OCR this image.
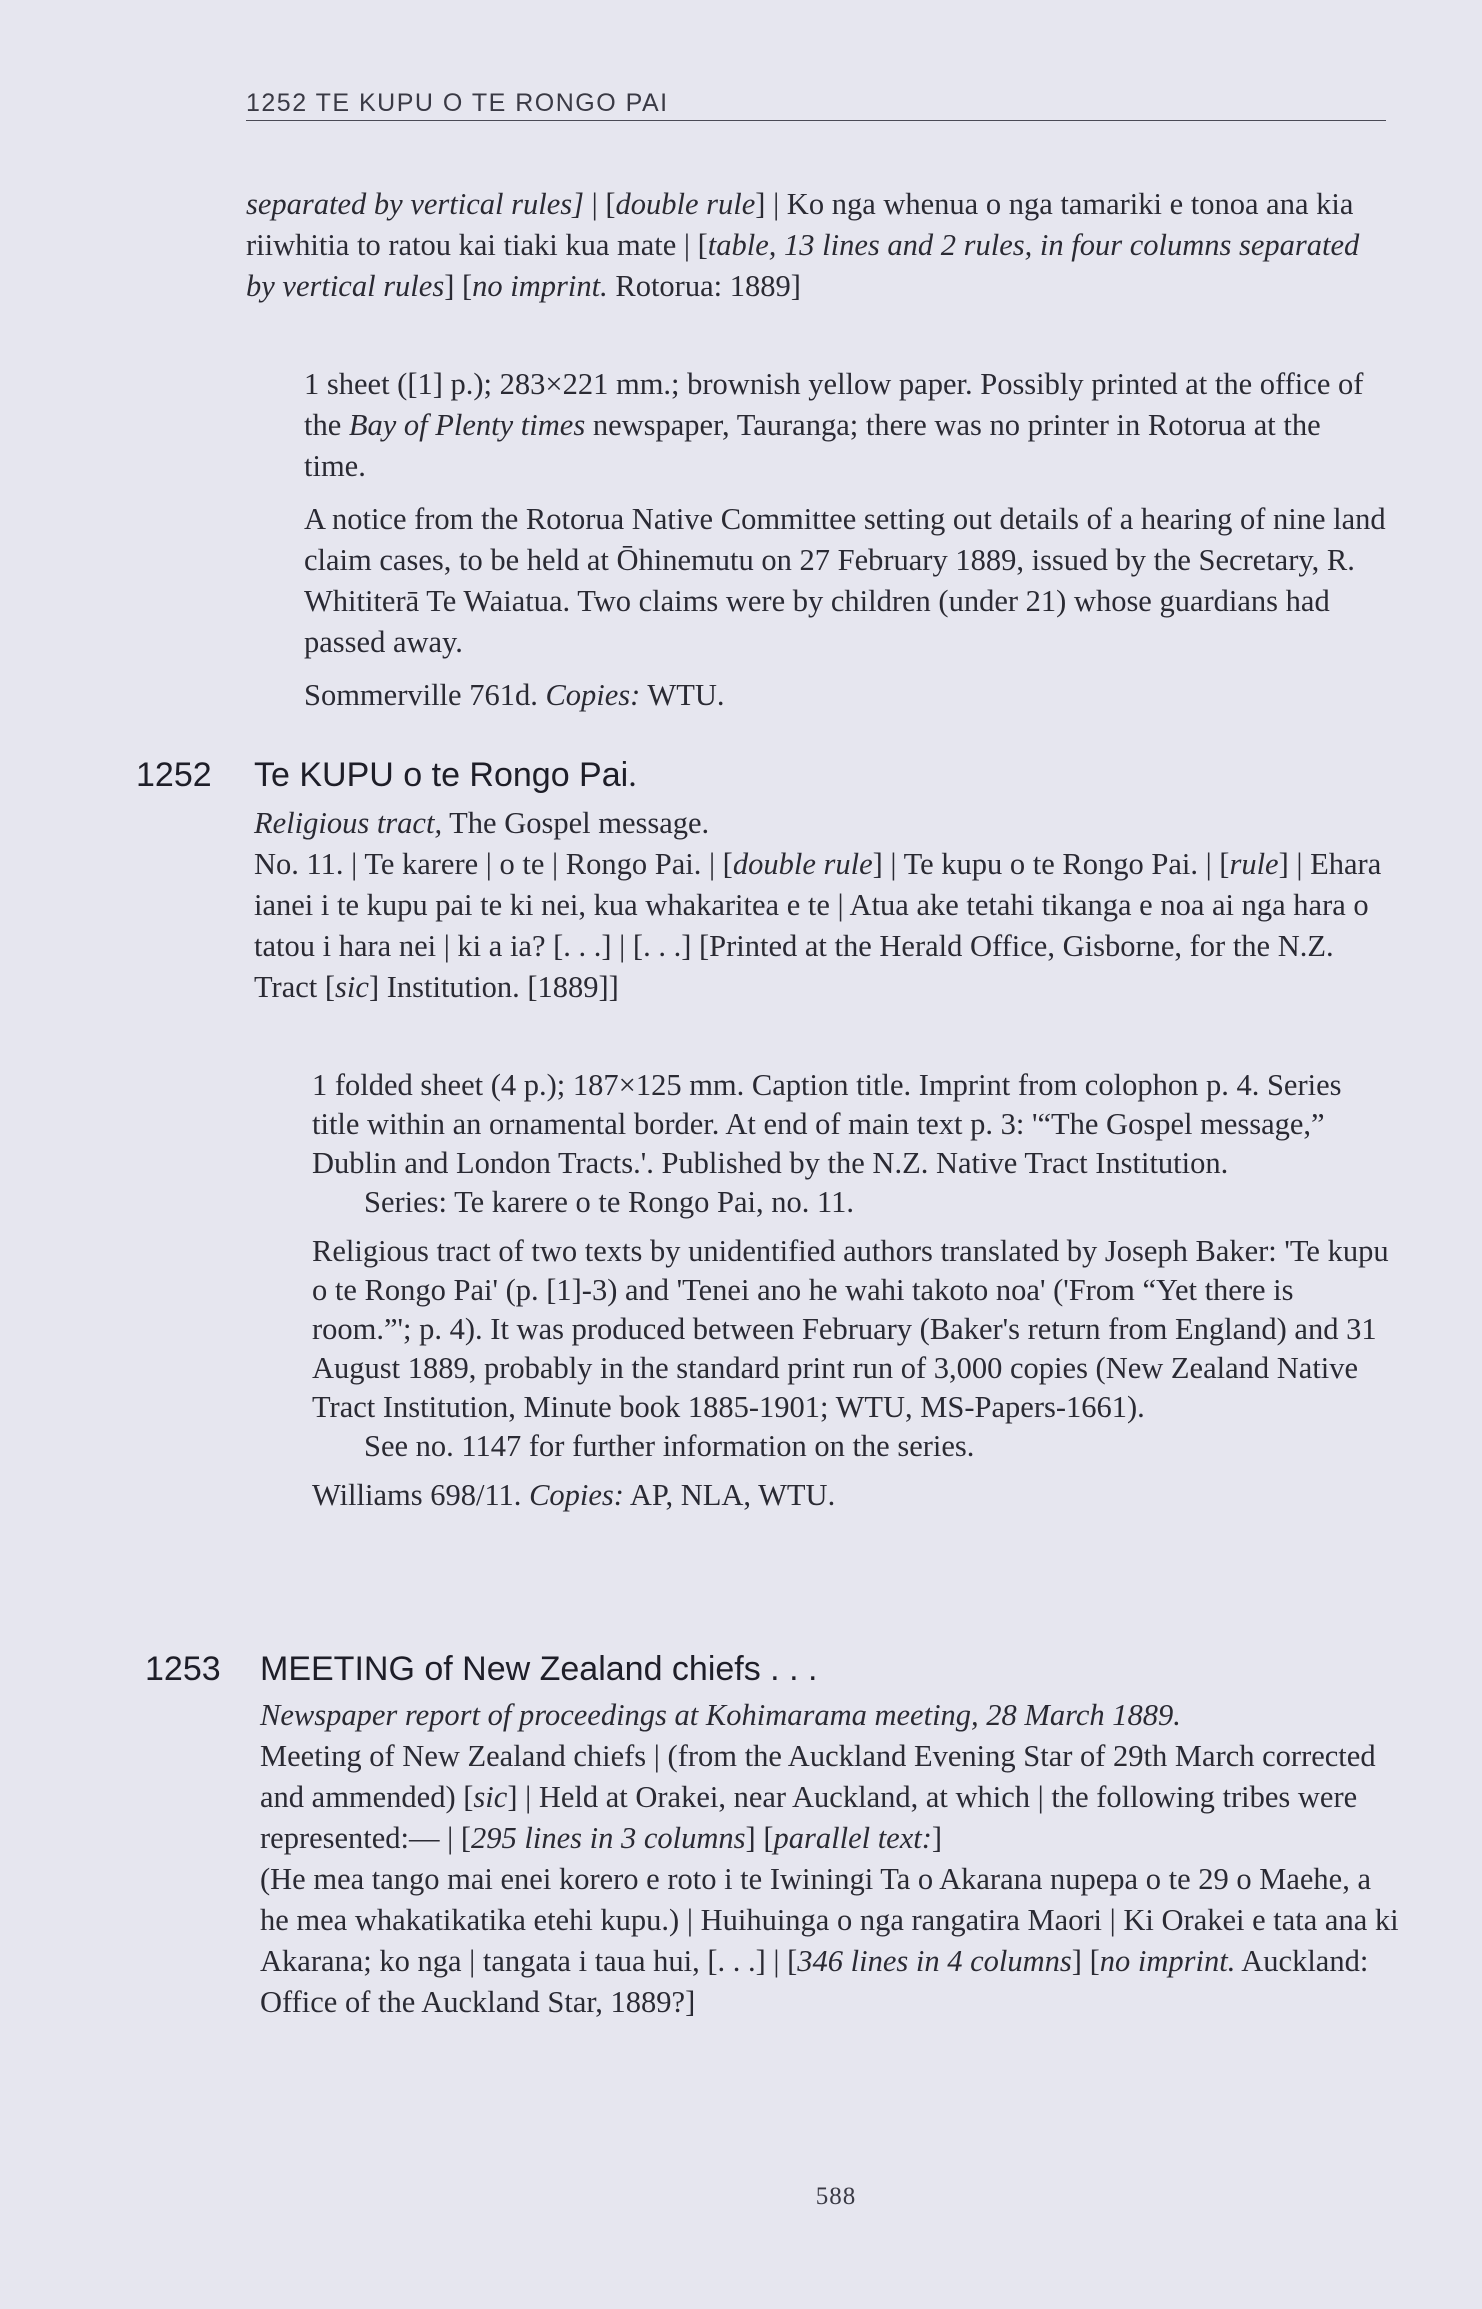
1252 TE KUPU O TE RONGO PAI

separated by vertical rules] | [double rule] | Ko nga whenua o nga tamariki e tonoa ana kia riiwhitia to ratou kai tiaki kua mate | [table, 13 lines and 2 rules, in four columns separated by vertical rules] [no imprint. Rotorua: 1889]

1 sheet ([1] p.); 283×221 mm.; brownish yellow paper. Possibly printed at the office of the Bay of Plenty times newspaper, Tauranga; there was no printer in Rotorua at the time.

A notice from the Rotorua Native Committee setting out details of a hearing of nine land claim cases, to be held at Ōhinemutu on 27 February 1889, issued by the Secretary, R. Whititerā Te Waiatua. Two claims were by children (under 21) whose guardians had passed away.

Sommerville 761d. Copies: WTU.

1252 Te KUPU o te Rongo Pai.

Religious tract, The Gospel message.

No. 11. | Te karere | o te | Rongo Pai. | [double rule] | Te kupu o te Rongo Pai. | [rule] | Ehara ianei i te kupu pai te ki nei, kua whakaritea e te | Atua ake tetahi tikanga e noa ai nga hara o tatou i hara nei | ki a ia? [. . .] | [. . .] [Printed at the Herald Office, Gisborne, for the N.Z. Tract [sic] Institution. [1889]]

1 folded sheet (4 p.); 187×125 mm. Caption title. Imprint from colophon p. 4. Series title within an ornamental border. At end of main text p. 3: '“The Gospel message,” Dublin and London Tracts.'. Published by the N.Z. Native Tract Institution.

Series: Te karere o te Rongo Pai, no. 11.

Religious tract of two texts by unidentified authors translated by Joseph Baker: 'Te kupu o te Rongo Pai' (p. [1]-3) and 'Tenei ano he wahi takoto noa' ('From “Yet there is room.”'; p. 4). It was produced between February (Baker's return from England) and 31 August 1889, probably in the standard print run of 3,000 copies (New Zealand Native Tract Institution, Minute book 1885-1901; WTU, MS-Papers-1661).

See no. 1147 for further information on the series.

Williams 698/11. Copies: AP, NLA, WTU.

1253 MEETING of New Zealand chiefs . . .

Newspaper report of proceedings at Kohimarama meeting, 28 March 1889.

Meeting of New Zealand chiefs | (from the Auckland Evening Star of 29th March corrected and ammended) [sic] | Held at Orakei, near Auckland, at which | the following tribes were represented:— | [295 lines in 3 columns] [parallel text:]

(He mea tango mai enei korero e roto i te Iwiningi Ta o Akarana nupepa o te 29 o Maehe, a he mea whakatikatika etehi kupu.) | Huihuinga o nga rangatira Maori | Ki Orakei e tata ana ki Akarana; ko nga | tangata i taua hui, [. . .] | [346 lines in 4 columns] [no imprint. Auckland: Office of the Auckland Star, 1889?]

588
